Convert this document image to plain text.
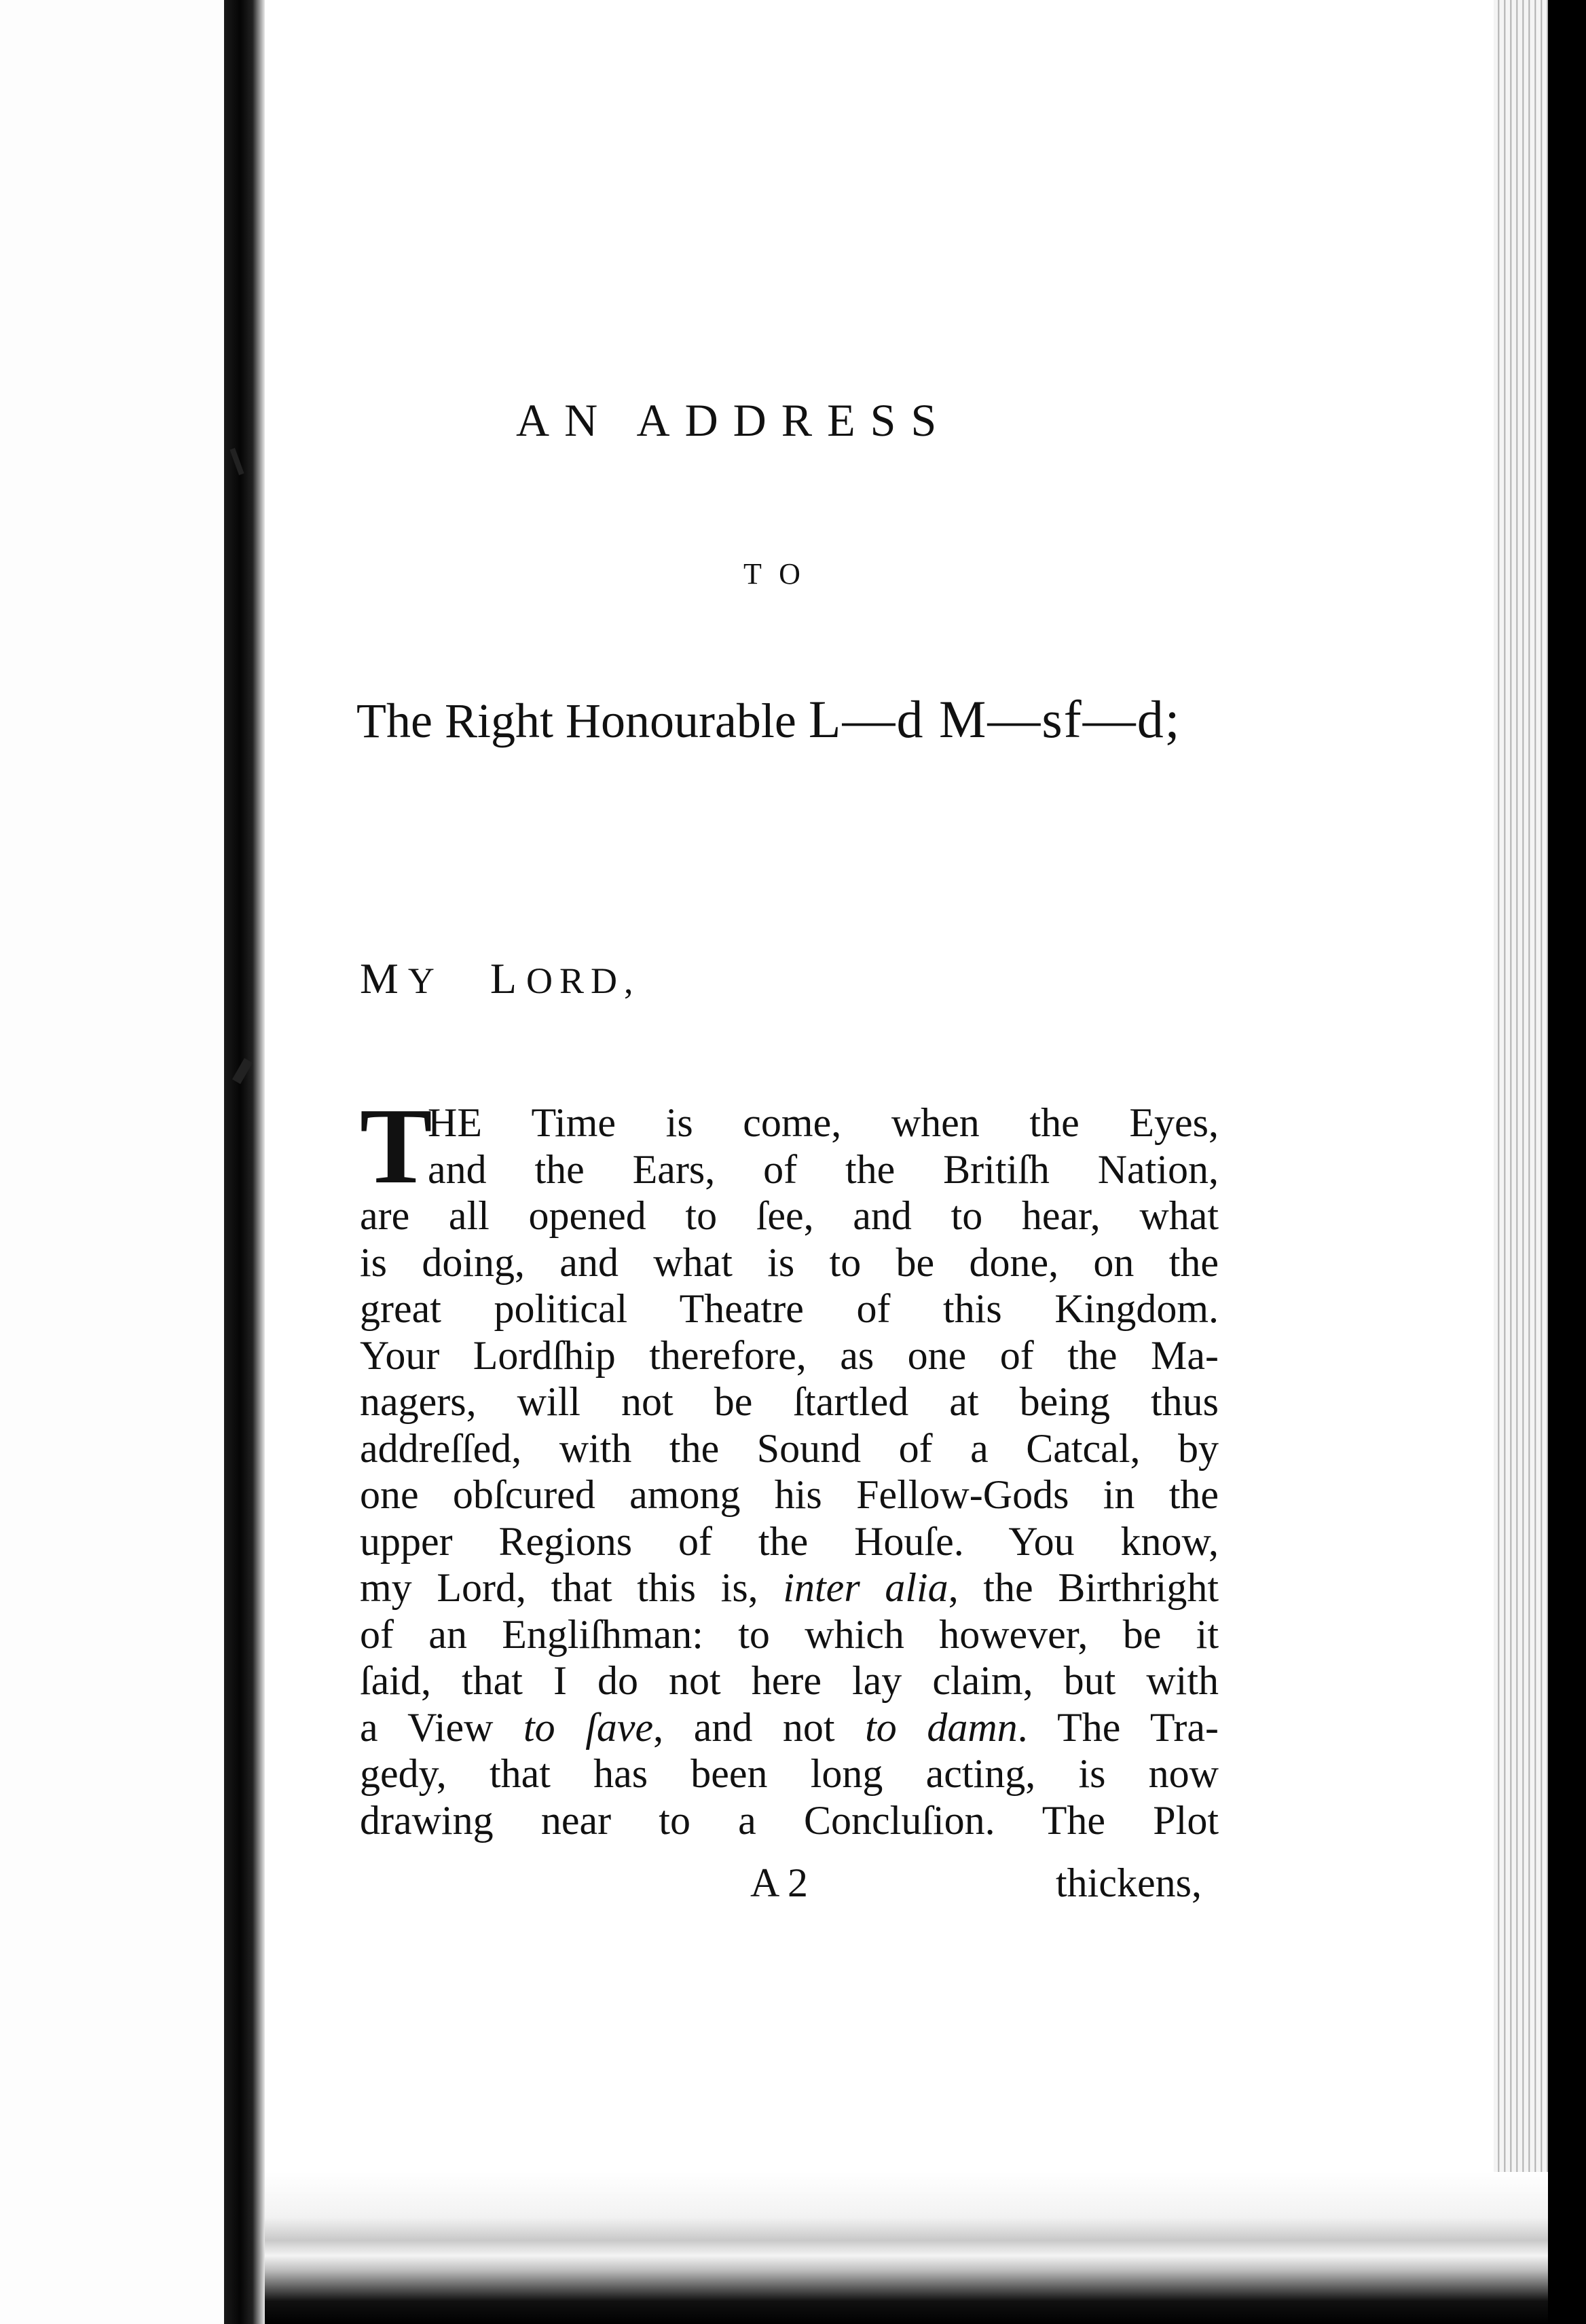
AN ADDRESS
TO
The Right Honourable L—d M—sf—d;
MY LORD,
T
HE Time is come, when the Eyes,
and the Ears, of the Britiſh Nation,
are all opened to ſee, and to hear, what
is doing, and what is to be done, on the
great political Theatre of this Kingdom.
Your Lordſhip therefore, as one of the Ma-
nagers, will not be ſtartled at being thus
addreſſed, with the Sound of a Catcal, by
one obſcured among his Fellow-Gods in the
upper Regions of the Houſe. You know,
my Lord, that this is, inter alia, the Birthright
of an Engliſhman: to which however, be it
ſaid, that I do not here lay claim, but with
a View to ſave, and not to damn. The Tra-
gedy, that has been long acting, is now
drawing near to a Concluſion. The Plot
A 2	thickens,
